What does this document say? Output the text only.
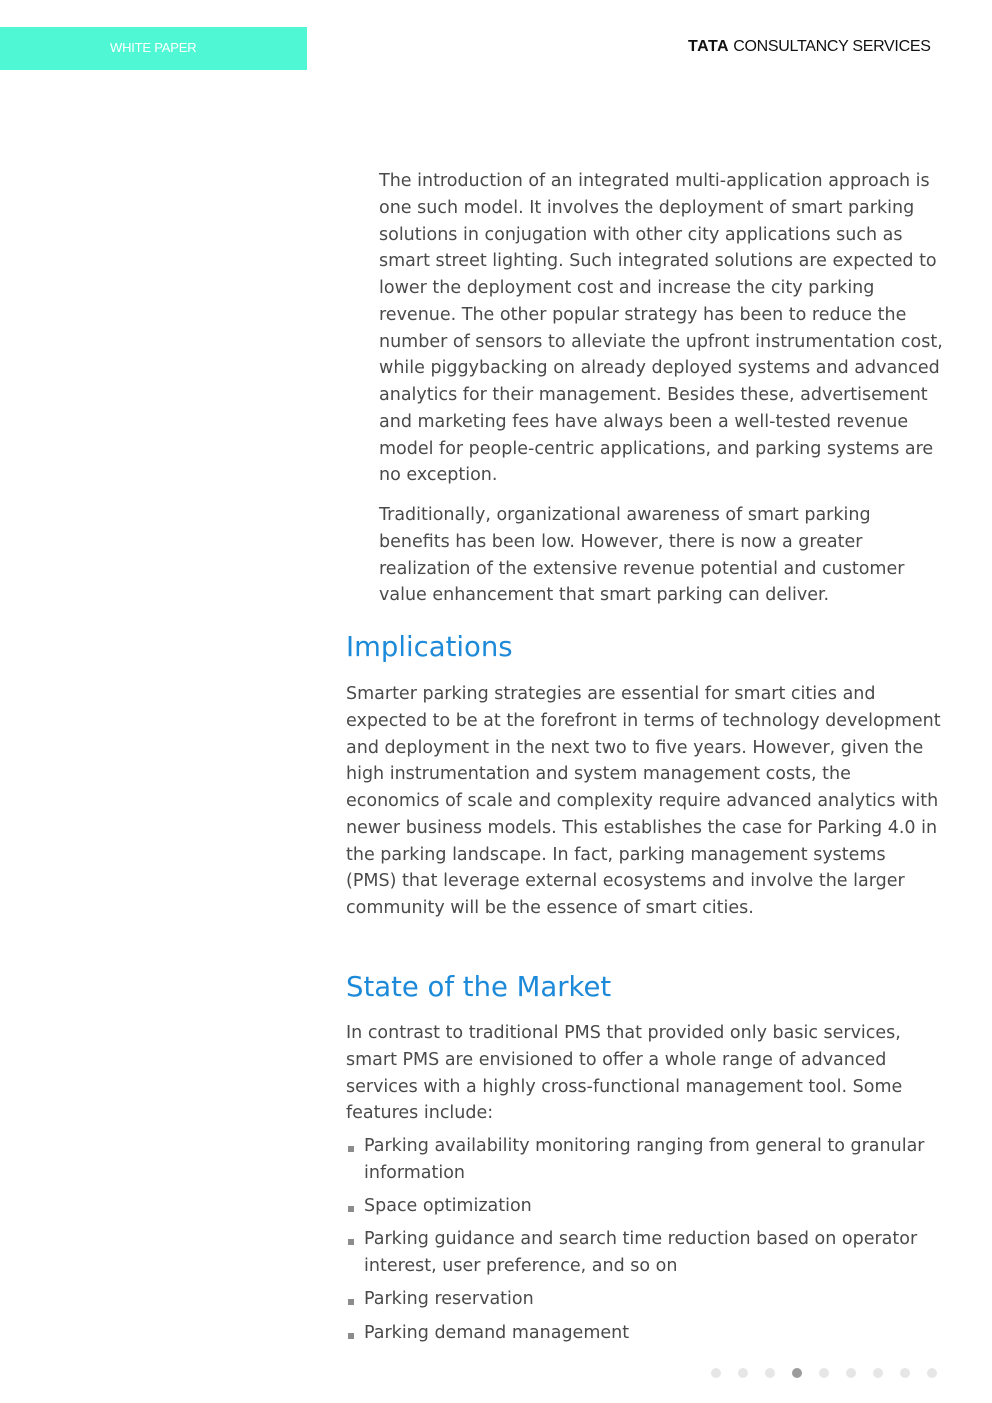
WHITE PAPER	TATA CONSULTANCY SERVICES

The introduction of an integrated multi-application approach is one such model. It involves the deployment of smart parking solutions in conjugation with other city applications such as smart street lighting. Such integrated solutions are expected to lower the deployment cost and increase the city parking revenue. The other popular strategy has been to reduce the number of sensors to alleviate the upfront instrumentation cost, while piggybacking on already deployed systems and advanced analytics for their management. Besides these, advertisement and marketing fees have always been a well-tested revenue model for people-centric applications, and parking systems are no exception.

Traditionally, organizational awareness of smart parking benefits has been low. However, there is now a greater realization of the extensive revenue potential and customer value enhancement that smart parking can deliver.

Implications

Smarter parking strategies are essential for smart cities and expected to be at the forefront in terms of technology development and deployment in the next two to five years. However, given the high instrumentation and system management costs, the economics of scale and complexity require advanced analytics with newer business models. This establishes the case for Parking 4.0 in the parking landscape. In fact, parking management systems (PMS) that leverage external ecosystems and involve the larger community will be the essence of smart cities.

State of the Market

In contrast to traditional PMS that provided only basic services, smart PMS are envisioned to offer a whole range of advanced services with a highly cross-functional management tool. Some features include:

Parking availability monitoring ranging from general to granular information
Space optimization
Parking guidance and search time reduction based on operator interest, user preference, and so on
Parking reservation
Parking demand management
